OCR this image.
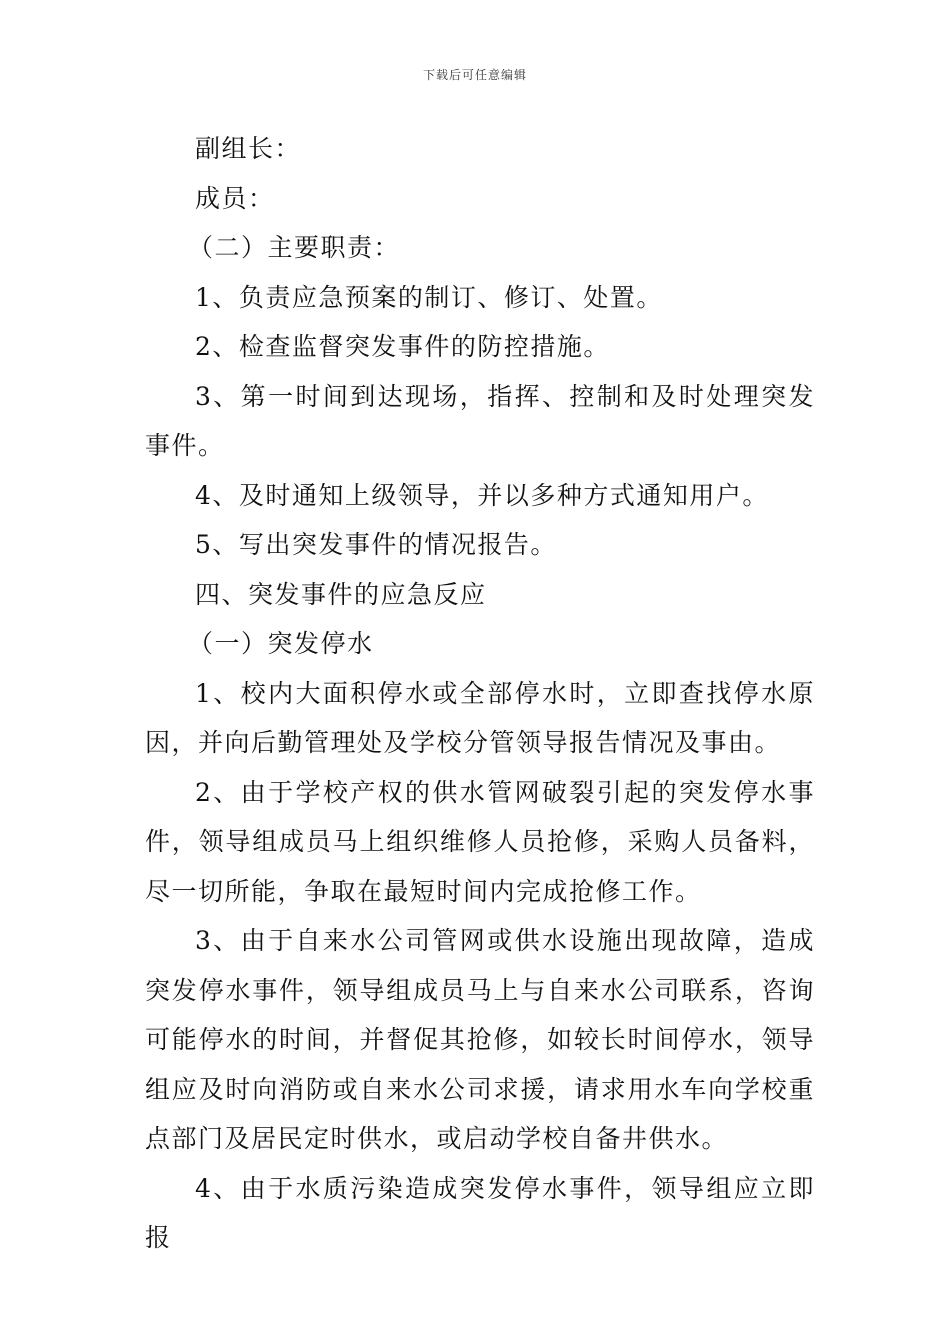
下载后可任意编辑

副组长：

成员：

（二）主要职责：

1、负责应急预案的制订、修订、处置。

2、检查监督突发事件的防控措施。

3、第一时间到达现场，指挥、控制和及时处理突发事件。

4、及时通知上级领导，并以多种方式通知用户。

5、写出突发事件的情况报告。

四、突发事件的应急反应

（一）突发停水

1、校内大面积停水或全部停水时，立即查找停水原因，并向后勤管理处及学校分管领导报告情况及事由。

2、由于学校产权的供水管网破裂引起的突发停水事件，领导组成员马上组织维修人员抢修，采购人员备料，尽一切所能，争取在最短时间内完成抢修工作。

3、由于自来水公司管网或供水设施出现故障，造成突发停水事件，领导组成员马上与自来水公司联系，咨询可能停水的时间，并督促其抢修，如较长时间停水，领导组应及时向消防或自来水公司求援，请求用水车向学校重点部门及居民定时供水，或启动学校自备井供水。

4、由于水质污染造成突发停水事件，领导组应立即报
